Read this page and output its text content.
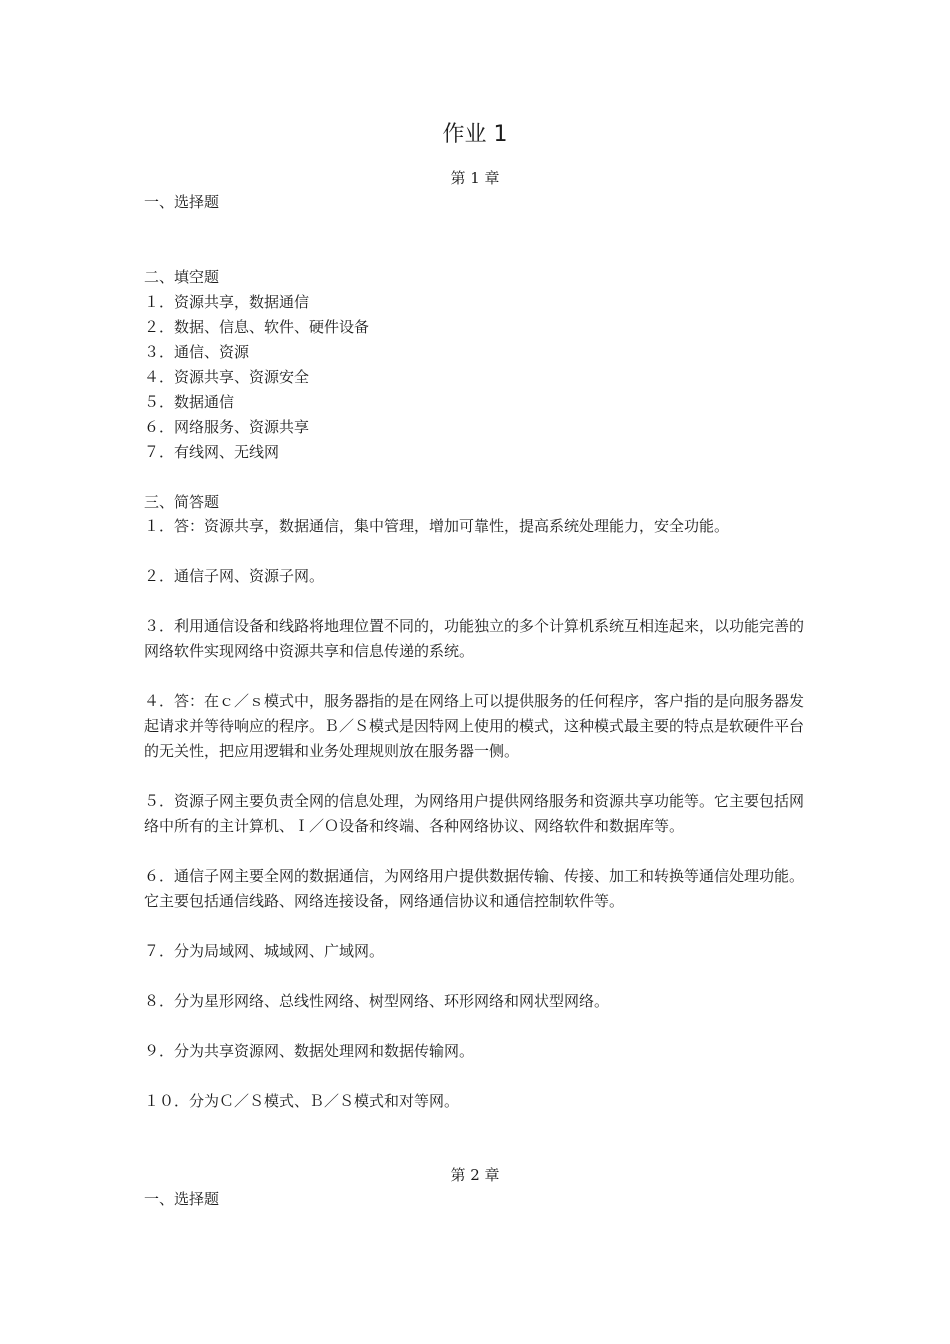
作业 1
第 1 章
一、选择题
二、填空题
１．资源共享，数据通信
２．数据、信息、软件、硬件设备
３．通信、资源
４．资源共享、资源安全
５．数据通信
６．网络服务、资源共享
７．有线网、无线网
三、简答题
１．答：资源共享，数据通信，集中管理，增加可靠性，提高系统处理能力，安全功能。
２．通信子网、资源子网。
３．利用通信设备和线路将地理位置不同的，功能独立的多个计算机系统互相连起来，以功能完善的网络软件实现网络中资源共享和信息传递的系统。
４．答：在ｃ／ｓ模式中，服务器指的是在网络上可以提供服务的任何程序，客户指的是向服务器发起请求并等待响应的程序。Ｂ／Ｓ模式是因特网上使用的模式，这种模式最主要的特点是软硬件平台的无关性，把应用逻辑和业务处理规则放在服务器一侧。
５．资源子网主要负责全网的信息处理，为网络用户提供网络服务和资源共享功能等。它主要包括网络中所有的主计算机、Ｉ／Ｏ设备和终端、各种网络协议、网络软件和数据库等。
６．通信子网主要全网的数据通信，为网络用户提供数据传输、传接、加工和转换等通信处理功能。它主要包括通信线路、网络连接设备，网络通信协议和通信控制软件等。
７．分为局域网、城域网、广域网。
８．分为星形网络、总线性网络、树型网络、环形网络和网状型网络。
９．分为共享资源网、数据处理网和数据传输网。
１０．分为Ｃ／Ｓ模式、Ｂ／Ｓ模式和对等网。
第 2 章
一、选择题
